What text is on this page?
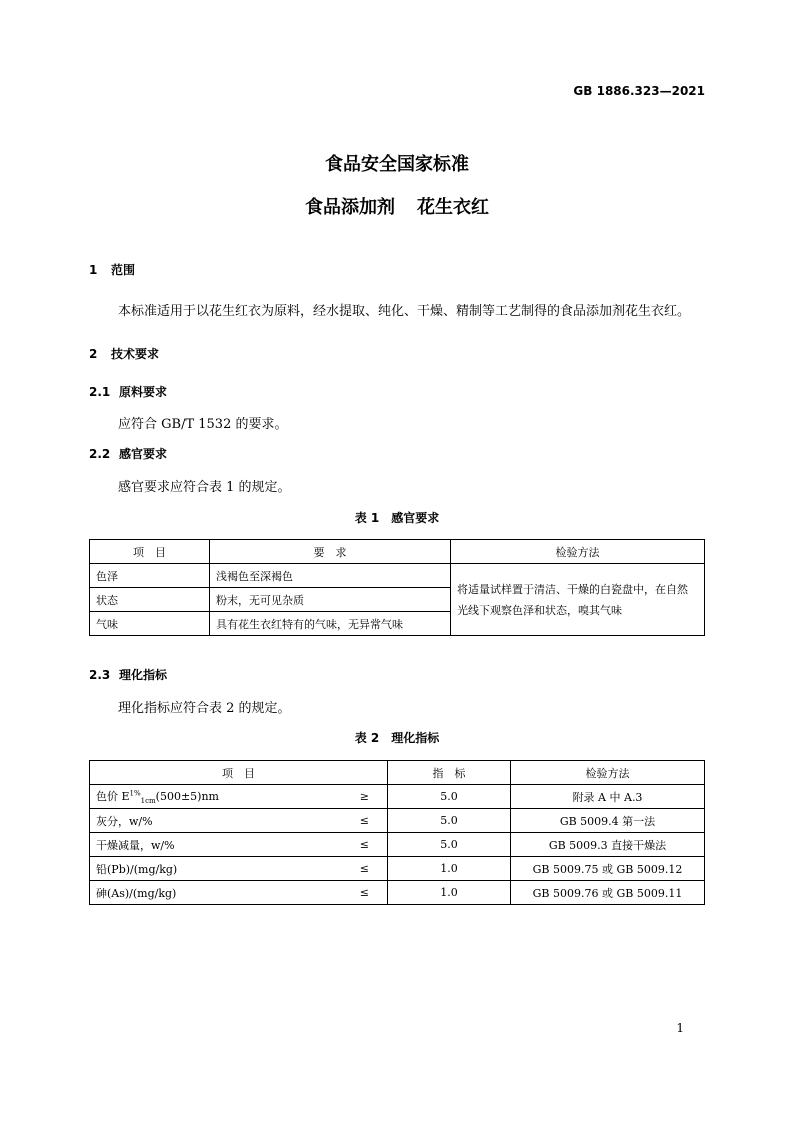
GB 1886.323—2021
食品安全国家标准
食品添加剂 花生衣红
1 范围
本标准适用于以花生红衣为原料，经水提取、纯化、干燥、精制等工艺制得的食品添加剂花生衣红。
2 技术要求
2.1 原料要求
应符合 GB/T 1532 的要求。
2.2 感官要求
感官要求应符合表 1 的规定。
表 1　感官要求
项　目	要　求	检验方法
色泽	浅褐色至深褐色	将适量试样置于清洁、干燥的白瓷盘中，在自然光线下观察色泽和状态，嗅其气味
状态	粉末，无可见杂质	
气味	具有花生衣红特有的气味，无异常气味	
2.3 理化指标
理化指标应符合表 2 的规定。
表 2　理化指标
项　目		指　标	检验方法
色价 $E^{1\%}_{1cm}(500\pm 5)nm$	≥	5.0	附录 A 中 A.3
灰分，w/%	≤	5.0	GB 5009.4 第一法
干燥减量，w/%	≤	5.0	GB 5009.3 直接干燥法
铅(Pb)/(mg/kg)	≤	1.0	GB 5009.75 或 GB 5009.12
砷(As)/(mg/kg)	≤	1.0	GB 5009.76 或 GB 5009.11
1
